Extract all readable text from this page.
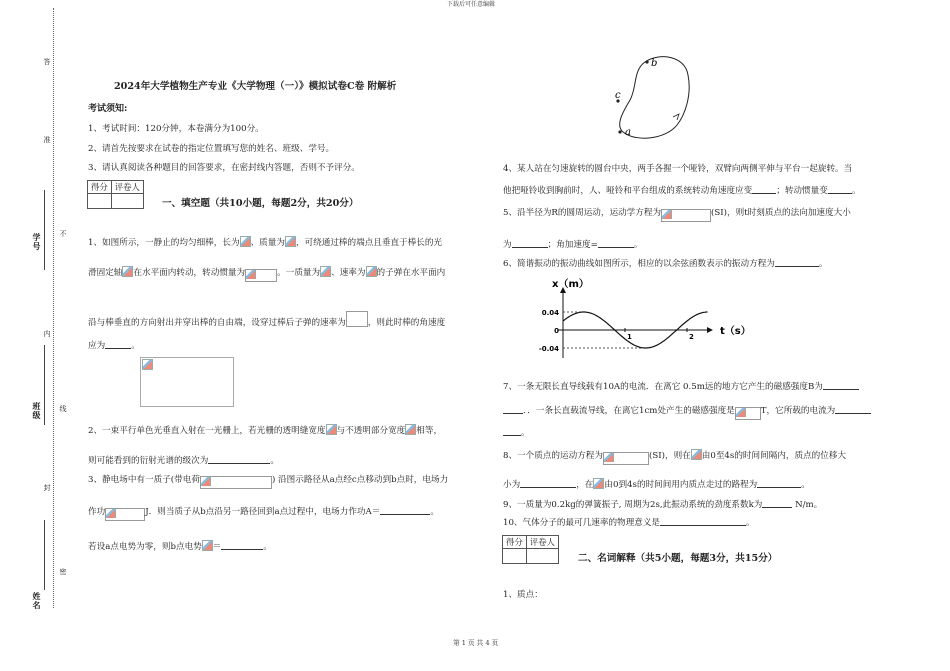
下载后可任意编辑
第 1 页 共 4 页
答
准
不
内
线
封
密
学号
班级
姓名
2024年大学植物生产专业《大学物理（一）》模拟试卷C卷 附解析
考试须知:
1、考试时间：120分钟，本卷满分为100分。
2、请首先按要求在试卷的指定位置填写您的姓名、班级、学号。
3、请认真阅读各种题目的回答要求，在密封线内答题，否则不予评分。
得分	评卷人

一、填空题（共10小题，每题2分，共20分）
1、如图所示，一静止的均匀细棒，长为 、质量为 ，可绕通过棒的端点且垂直于棒长的光
滑固定轴 在水平面内转动，转动惯量为	。一质量为 、速率为 的子弹在水平面内
沿与棒垂直的方向射出并穿出棒的自由端，设穿过棒后子弹的速率为	，则此时棒的角速度
应为	。
2、一束平行单色光垂直入射在一光栅上，若光栅的透明缝宽度 与不透明部分宽度 相等，
则可能看到的衍射光谱的级次为	。
3、静电场中有一质子(带电荷	) 沿图示路径从a点经c点移动到b点时，电场力
作功	J．则当质子从b点沿另一路径回到a点过程中，电场力作功A＝	。
若设a点电势为零，则b点电势 ＝	。
b
c
a
4、某人站在匀速旋转的圆台中央，两手各握一个哑铃，双臂向两侧平伸与平台一起旋转。当
他把哑铃收到胸前时，人、哑铃和平台组成的系统转动角速度应变	；转动惯量变	。
5、沿半径为R的圆周运动，运动学方程为	(SI)，则t时刻质点的法向加速度大小
为	；角加速度=	。
6、简谐振动的振动曲线如图所示，相应的以余弦函数表示的振动方程为	。
x（m）
t（s）
0.04
0
-0.04
1	2
7、一条无限长直导线载有10A的电流．在离它 0.5m远的地方它产生的磁感强度B为
．．一条长直载流导线，在离它1cm处产生的磁感强度是	T，它所载的电流为
。
8、一个质点的运动方程为	(SI)，则在 由0至4s的时间间隔内，质点的位移大
小为	，在 由0到4s的时间间用内质点走过的路程为	。
9、一质量为0.2kg的弹簧振子, 周期为2s,此振动系统的劲度系数k为	N/m。
10、气体分子的最可几速率的物理意义是	。
得分	评卷人

二、名词解释（共5小题，每题3分，共15分）
1、质点：
